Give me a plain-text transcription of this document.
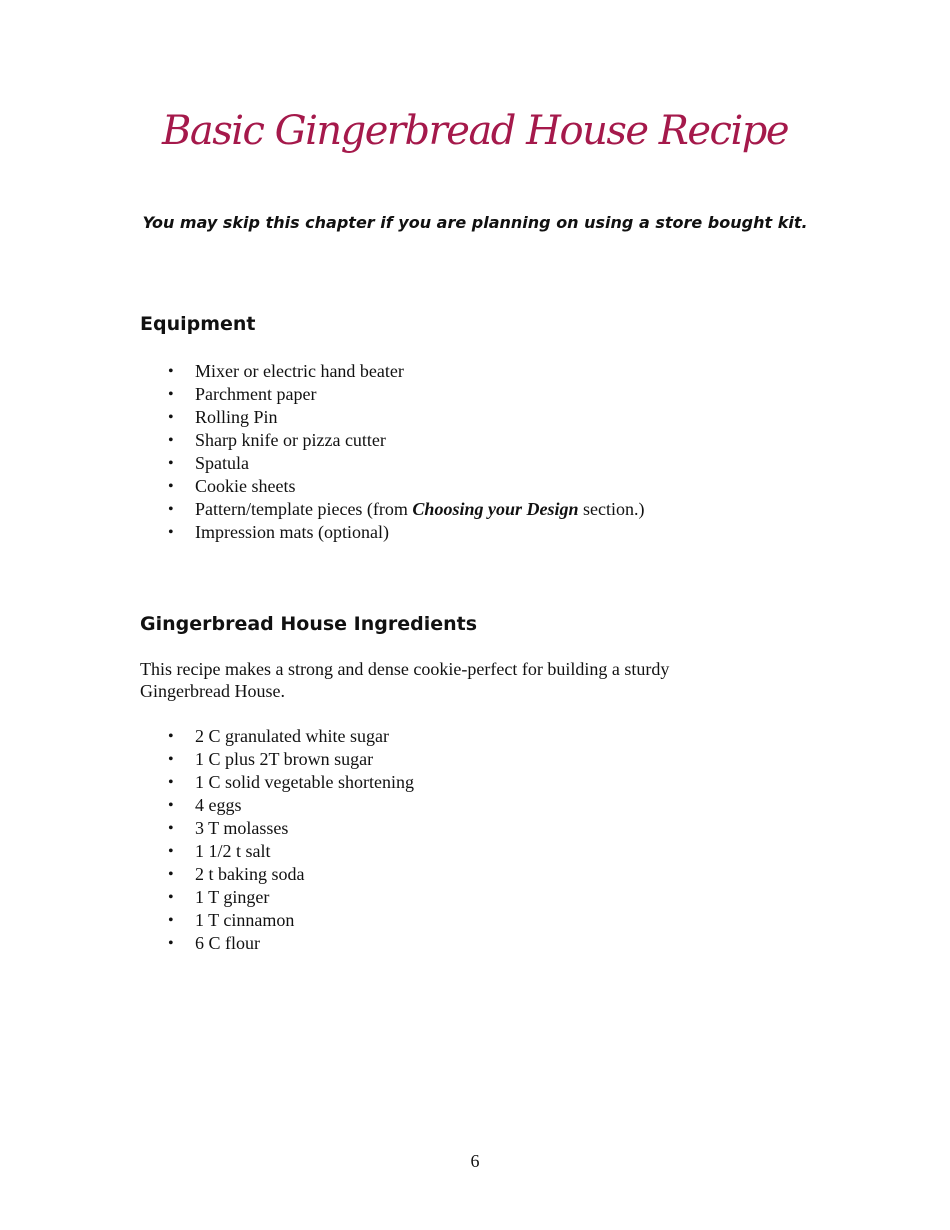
Basic Gingerbread House Recipe

You may skip this chapter if you are planning on using a store bought kit.

Equipment
• Mixer or electric hand beater
• Parchment paper
• Rolling Pin
• Sharp knife or pizza cutter
• Spatula
• Cookie sheets
• Pattern/template pieces (from Choosing your Design section.)
• Impression mats (optional)
Gingerbread House Ingredients

This recipe makes a strong and dense cookie-perfect for building a sturdy
Gingerbread House.

• 2 C granulated white sugar
• 1 C plus 2T brown sugar
• 1 C solid vegetable shortening
• 4 eggs
• 3 T molasses
• 1 1/2 t salt
• 2 t baking soda
• 1 T ginger
• 1 T cinnamon
• 6 C flour

6
